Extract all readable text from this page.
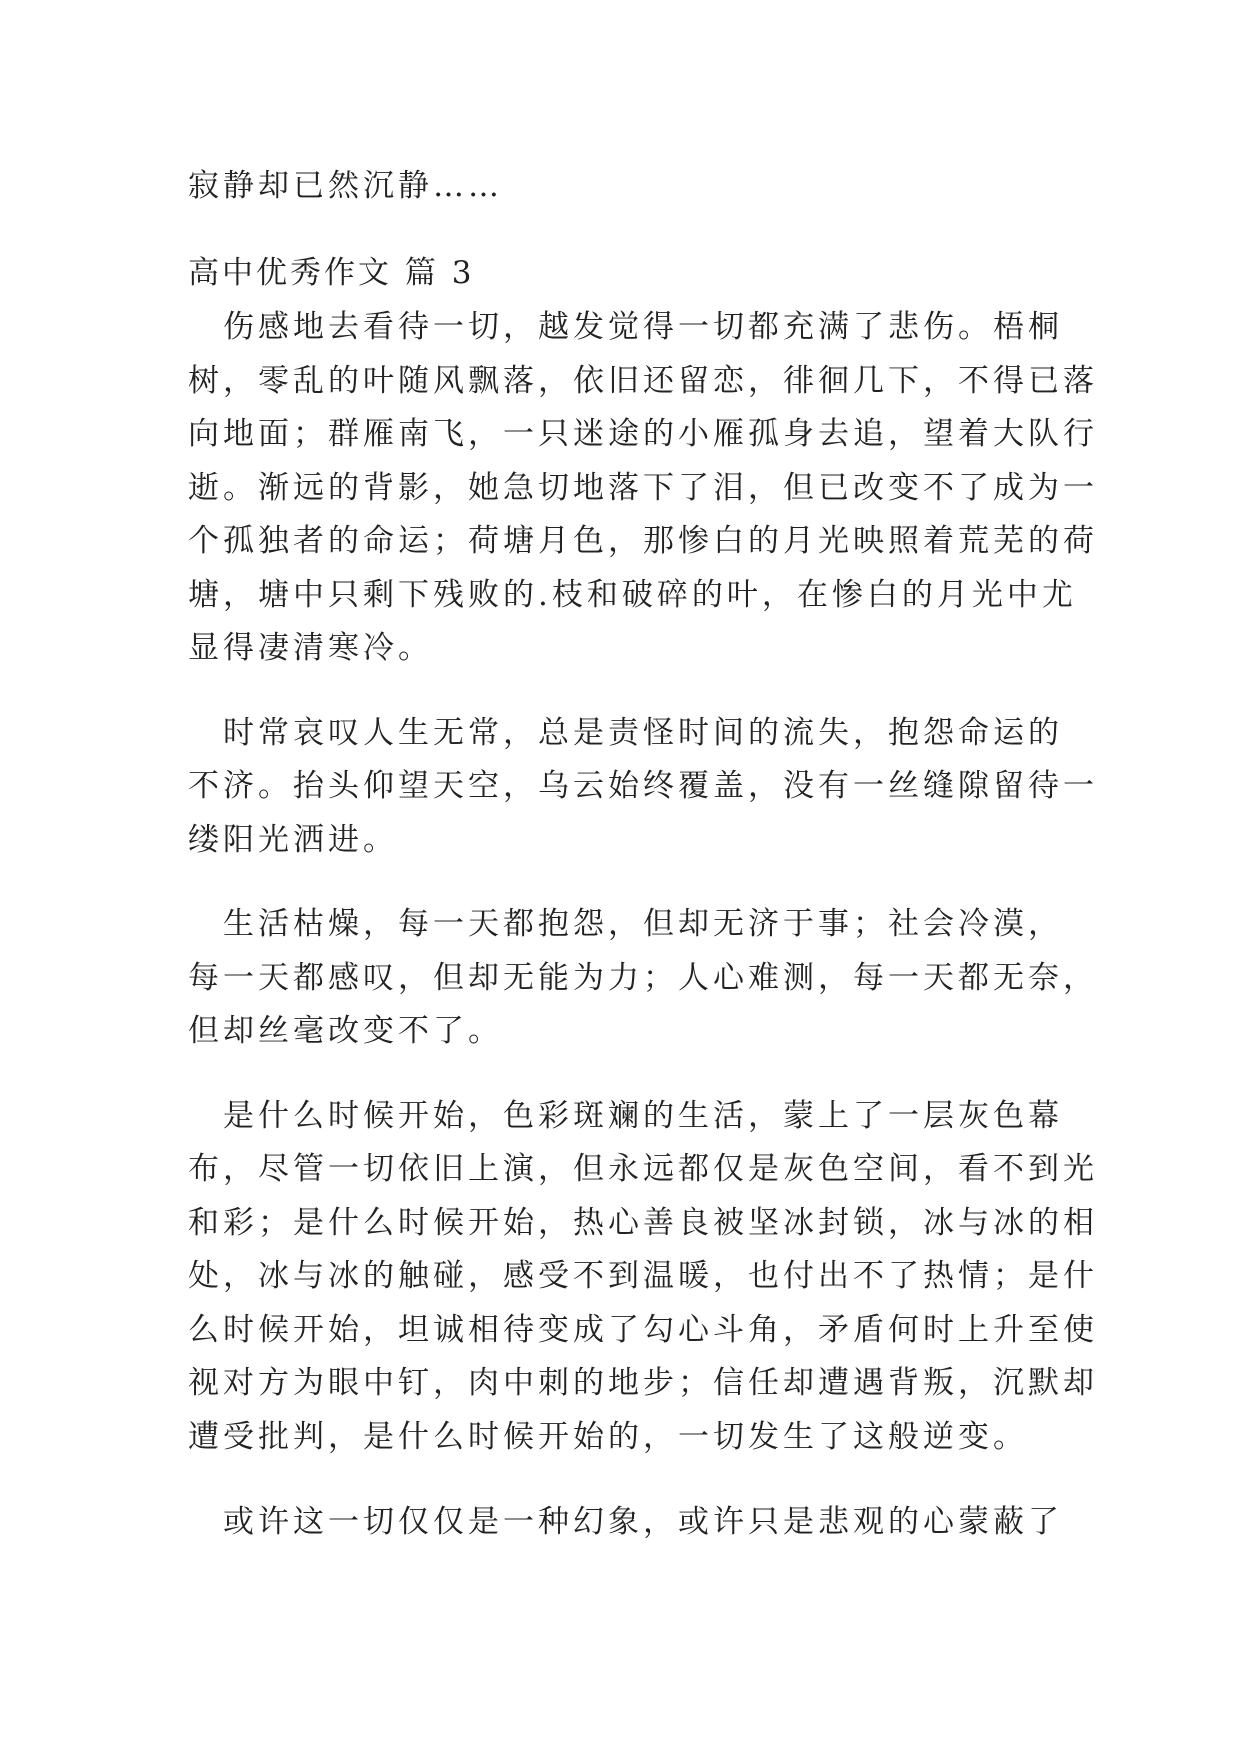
寂静却已然沉静……
高中优秀作文 篇 3
　伤感地去看待一切，越发觉得一切都充满了悲伤。梧桐
树，零乱的叶随风飘落，依旧还留恋，徘徊几下，不得已落
向地面；群雁南飞，一只迷途的小雁孤身去追，望着大队行
逝。渐远的背影，她急切地落下了泪，但已改变不了成为一
个孤独者的命运；荷塘月色，那惨白的月光映照着荒芜的荷
塘，塘中只剩下残败的.枝和破碎的叶，在惨白的月光中尤
显得凄清寒冷。
　时常哀叹人生无常，总是责怪时间的流失，抱怨命运的
不济。抬头仰望天空，乌云始终覆盖，没有一丝缝隙留待一
缕阳光洒进。
　生活枯燥，每一天都抱怨，但却无济于事；社会冷漠，
每一天都感叹，但却无能为力；人心难测，每一天都无奈，
但却丝毫改变不了。
　是什么时候开始，色彩斑斓的生活，蒙上了一层灰色幕
布，尽管一切依旧上演，但永远都仅是灰色空间，看不到光
和彩；是什么时候开始，热心善良被坚冰封锁，冰与冰的相
处，冰与冰的触碰，感受不到温暖，也付出不了热情；是什
么时候开始，坦诚相待变成了勾心斗角，矛盾何时上升至使
视对方为眼中钉，肉中刺的地步；信任却遭遇背叛，沉默却
遭受批判，是什么时候开始的，一切发生了这般逆变。
　或许这一切仅仅是一种幻象，或许只是悲观的心蒙蔽了
